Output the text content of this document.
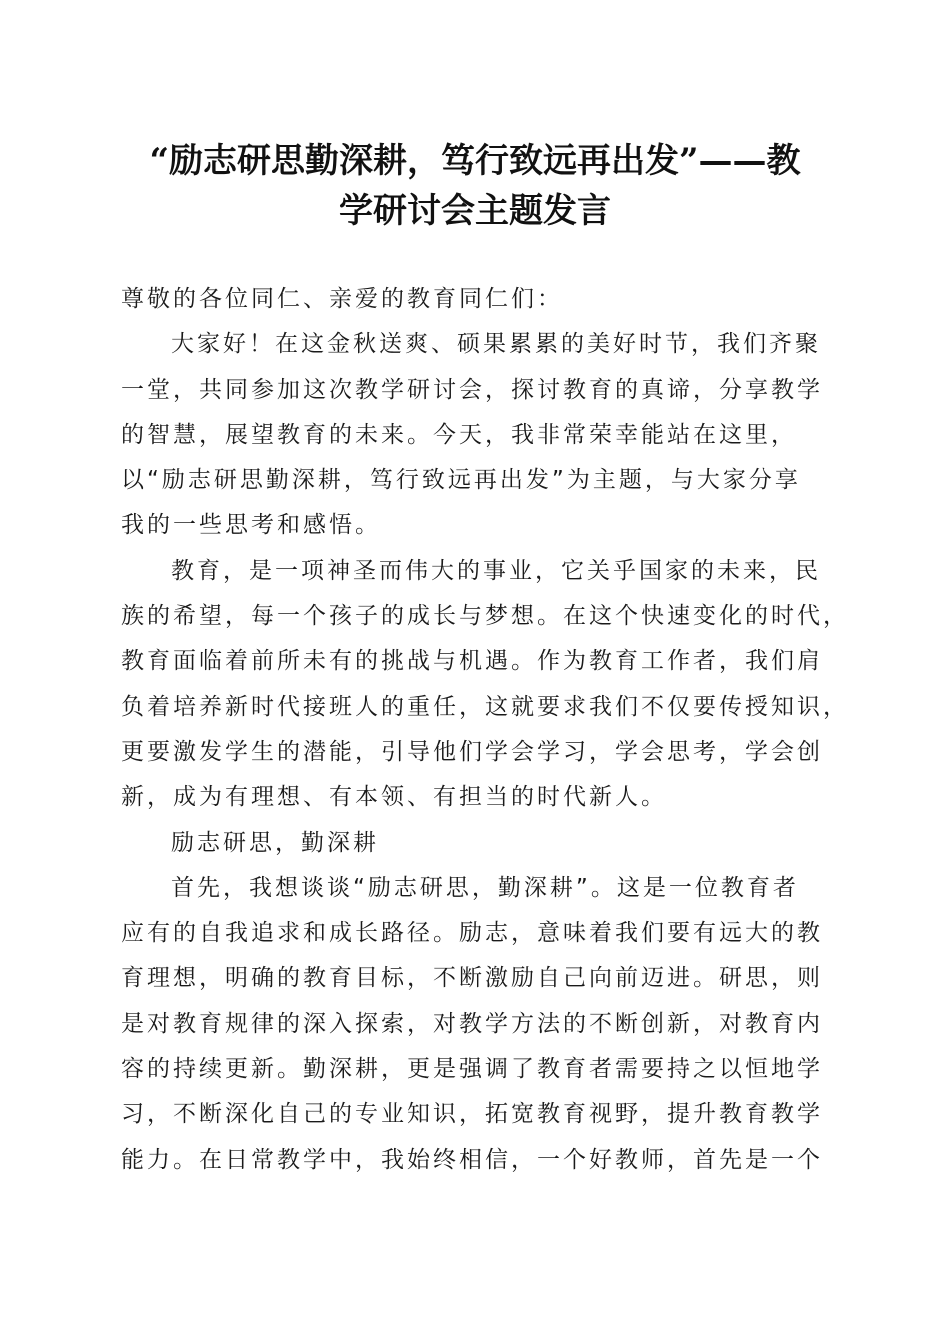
“励志研思勤深耕，笃行致远再出发”——教
学研讨会主题发言
尊敬的各位同仁、亲爱的教育同仁们：
大家好！在这金秋送爽、硕果累累的美好时节，我们齐聚
一堂，共同参加这次教学研讨会，探讨教育的真谛，分享教学
的智慧，展望教育的未来。今天，我非常荣幸能站在这里，
以“励志研思勤深耕，笃行致远再出发”为主题，与大家分享
我的一些思考和感悟。
教育，是一项神圣而伟大的事业，它关乎国家的未来，民
族的希望，每一个孩子的成长与梦想。在这个快速变化的时代，
教育面临着前所未有的挑战与机遇。作为教育工作者，我们肩
负着培养新时代接班人的重任，这就要求我们不仅要传授知识，
更要激发学生的潜能，引导他们学会学习，学会思考，学会创
新，成为有理想、有本领、有担当的时代新人。
励志研思，勤深耕
首先，我想谈谈“励志研思，勤深耕”。这是一位教育者
应有的自我追求和成长路径。励志，意味着我们要有远大的教
育理想，明确的教育目标，不断激励自己向前迈进。研思，则
是对教育规律的深入探索，对教学方法的不断创新，对教育内
容的持续更新。勤深耕，更是强调了教育者需要持之以恒地学
习，不断深化自己的专业知识，拓宽教育视野，提升教育教学
能力。在日常教学中，我始终相信，一个好教师，首先是一个
